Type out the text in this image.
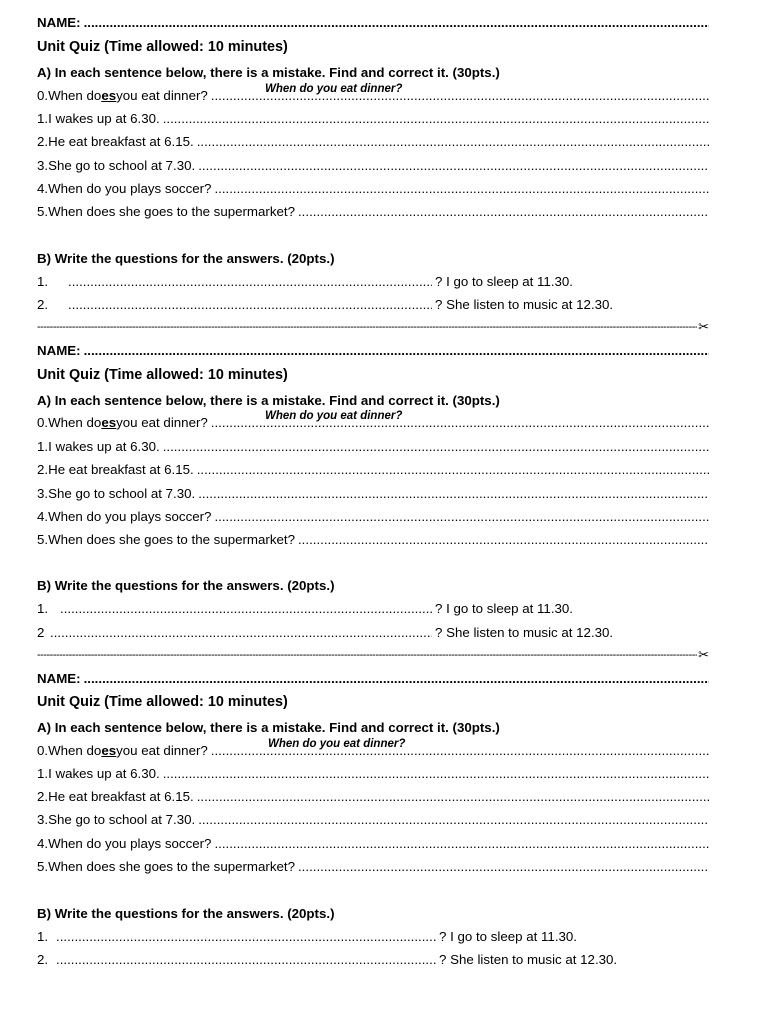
NAME:
.....
Unit Quiz (Time allowed: 10 minutes)
A) In each sentence below, there is a mistake. Find and correct it. (30pts.)
0. When do es you eat dinner? .....	When do you eat dinner?
1. I wakes up at 6.30.
.....
2. He eat breakfast at 6.15.
.....
3. She go to school at 7.30.
.....
4. When do you plays soccer?
.....
5. When does she goes to the supermarket?
.....
B) Write the questions for the answers. (20pts.)
1. .....	? I go to sleep at 11.30.
2. .....	? She listen to music at 12.30.
-----
✂
NAME:
.....
Unit Quiz (Time allowed: 10 minutes)
A) In each sentence below, there is a mistake. Find and correct it. (30pts.)
0. When do es you eat dinner? .....	When do you eat dinner?
1. I wakes up at 6.30.
.....
2. He eat breakfast at 6.15.
.....
3. She go to school at 7.30.
.....
4. When do you plays soccer?
.....
5. When does she goes to the supermarket?
.....
B) Write the questions for the answers. (20pts.)
1. .....	? I go to sleep at 11.30.
2 .....	? She listen to music at 12.30.
-----
✂
NAME:
.....
Unit Quiz (Time allowed: 10 minutes)
A) In each sentence below, there is a mistake. Find and correct it. (30pts.)
0. When do es you eat dinner? .....	When do you eat dinner?
1. I wakes up at 6.30.
.....
2. He eat breakfast at 6.15.
.....
3. She go to school at 7.30.
.....
4. When do you plays soccer?
.....
5. When does she goes to the supermarket?
.....
B) Write the questions for the answers. (20pts.)
1. .....	? I go to sleep at 11.30.
2. .....	? She listen to music at 12.30.
